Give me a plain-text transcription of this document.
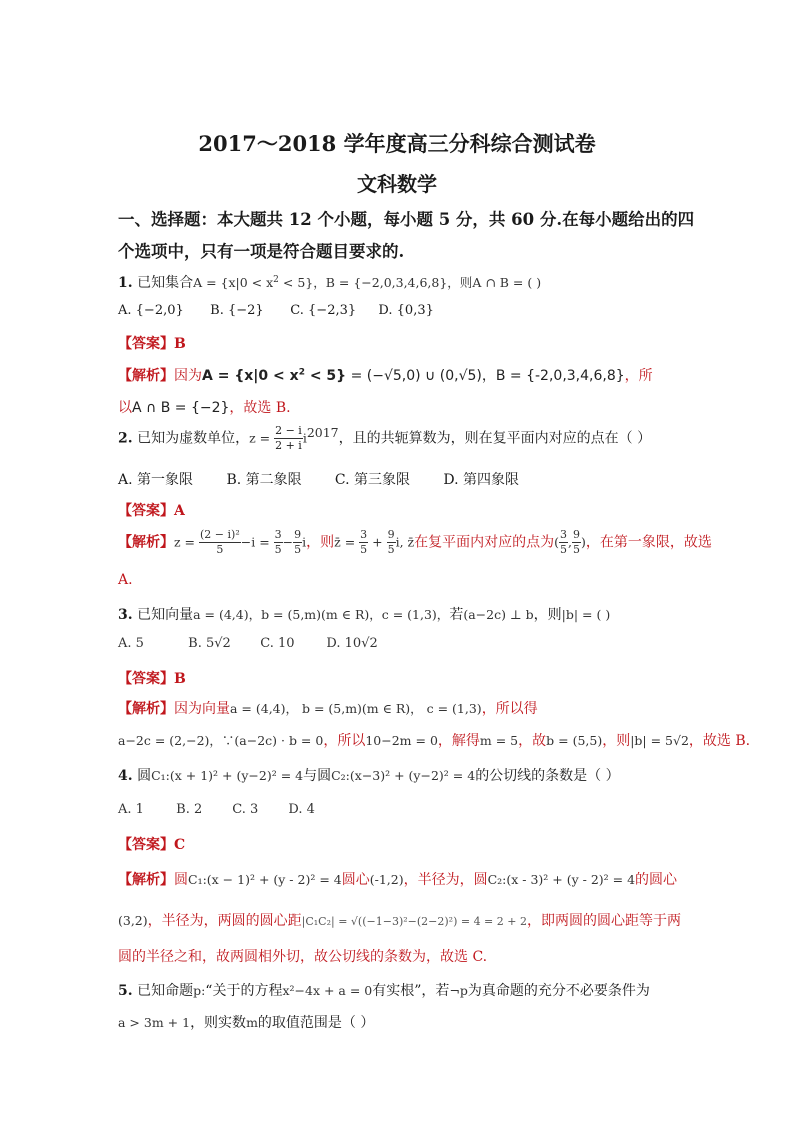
2017～2018 学年度高三分科综合测试卷
文科数学
一、选择题：本大题共 12 个小题，每小题 5 分，共 60 分.在每小题给出的四
个选项中，只有一项是符合题目要求的.
1. 已知集合$A = \{x|0 < x^2 < 5\}$，B = {−2,0,3,4,6,8}，则A ∩ B = ( )
A. {−2,0} B. {−2} C. {−2,3} D. {0,3}
【答案】B
【解析】因为$A = \{x|0 < x^2 < 5\} = (-√5,0)$ ∪ (0,√5)，B = {‑2,0,3,4,6,8}，所
以A ∩ B = {−2}，故选 B.
2. 已知为虚数单位，$z = \frac{2 - i}{2 + i} i^{2017}$，且的共轭算数为，则在复平面内对应的点在（ ）
A. 第一象限 B. 第二象限 C. 第三象限 D. 第四象限
【答案】A
【解析】$z = \frac{\text{(2 − i)²}}{5} -i = \frac{3}{5} - \frac{9}{5}$ i，则z̄ = $\frac{3}{5} + \frac{9}{5} i$, z̄在复平面内对应的点为( $\frac{3}{5}$ , $\frac{9}{5}$ )，在第一象限，故选
A.
3. 已知向量a = (4,4)，b = (5,m)(m ∈ R)，c = (1,3)，若(a−2c) ⊥ b，则|b| = ( )
A. 5	B. 5√2 C. 10 D. 10√2
【答案】B
【解析】因为向量a = (4,4)， b = (5,m)(m ∈ R)， c = (1,3)，所以得
a−2c = (2,−2)，∵(a−2c) · b = 0，所以10−2m = 0，解得m = 5，故b = (5,5)，则|b| = 5√2，故选 B.
4. 圆C₁:(x + 1)² + (y−2)² = 4与圆C₂:(x−3)² + (y−2)² = 4的公切线的条数是（ ）
A. 1 B. 2 C. 3 D. 4
【答案】C
【解析】圆C₁:(x − 1)² + (y ‑ 2)² = 4圆心(‑1,2)，半径为，圆C₂:(x ‑ 3)² + (y ‑ 2)² = 4的圆心
(3,2)，半径为，两圆的圆心距|C₁C₂| = √((−1−3)²−(2−2)²) = 4 = 2 + 2，即两圆的圆心距等于两
圆的半径之和，故两圆相外切，故公切线的条数为，故选 C.
5. 已知命题p:“关于的方程x²−4x + a = 0有实根”，若¬p为真命题的充分不必要条件为
a > 3m + 1，则实数m的取值范围是（ ）
